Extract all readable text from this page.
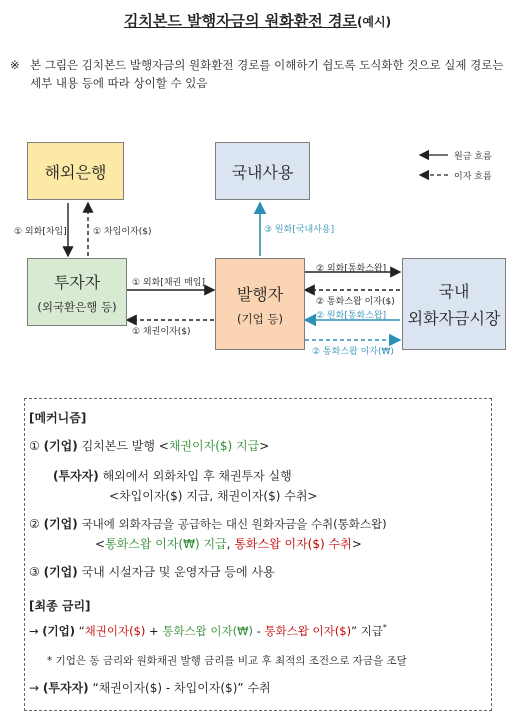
김치본드 발행자금의 원화환전 경로(예시)
※ 본 그림은 김치본드 발행자금의 원화환전 경로를 이해하기 쉽도록 도식화한 것으로 실제 경로는 세부 내용 등에 따라 상이할 수 있음
해외은행	국내사용
투자자
(외국환은행 등)
발행자
(기업 등)
국내
외화자금시장
원금 흐름
이자 흐름
① 외화[차입]	① 차입이자($)	③ 원화[국내사용]
① 외화[채권 매입]
① 채권이자($)
② 외화[통화스왑]
② 통화스왑 이자($)
② 원화[통화스왑]
② 통화스왑 이자(₩)
[메커니즘]
① (기업) 김치본드 발행 <채권이자($) 지급>
(투자자) 해외에서 외화차입 후 채권투자 실행
<차입이자($) 지급, 채권이자($) 수취>
② (기업) 국내에 외화자금을 공급하는 대신 원화자금을 수취(통화스왑)
<통화스왑 이자(₩) 지급, 통화스왑 이자($) 수취>
③ (기업) 국내 시설자금 및 운영자금 등에 사용
[최종 금리]
→ (기업) “채권이자($) + 통화스왑 이자(₩) - 통화스왑 이자($)” 지급*
* 기업은 동 금리와 원화채권 발행 금리를 비교 후 최적의 조건으로 자금을 조달
→ (투자자) “채권이자($) - 차입이자($)” 수취
